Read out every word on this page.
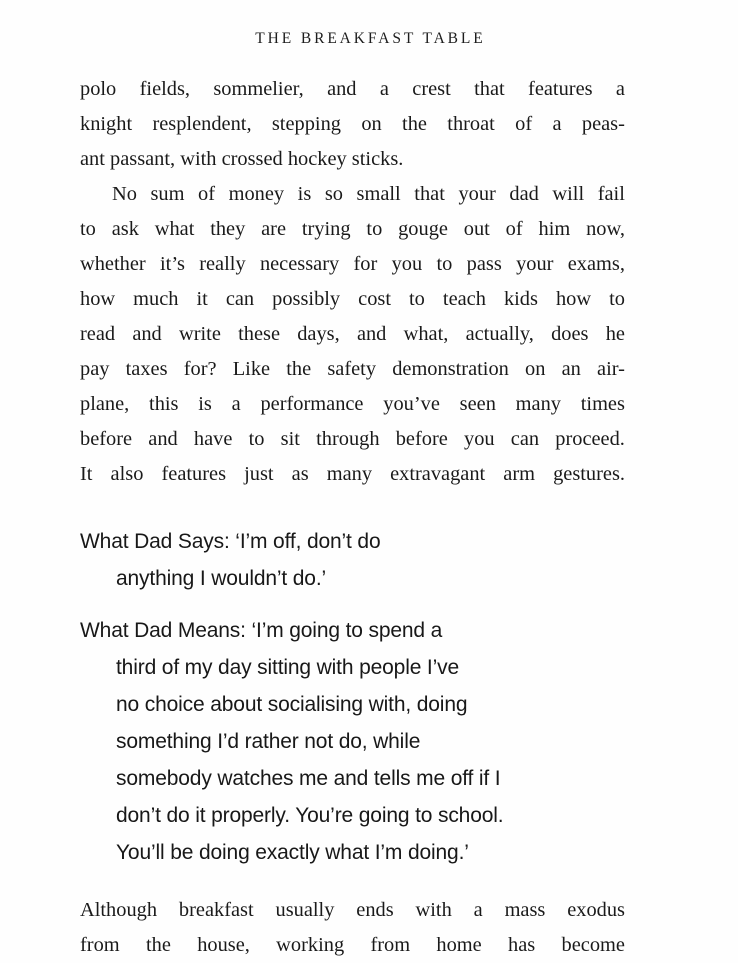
THE BREAKFAST TABLE
polo fields, sommelier, and a crest that features a
knight resplendent, stepping on the throat of a peas-
ant passant, with crossed hockey sticks.
No sum of money is so small that your dad will fail
to ask what they are trying to gouge out of him now,
whether it’s really necessary for you to pass your exams,
how much it can possibly cost to teach kids how to
read and write these days, and what, actually, does he
pay taxes for? Like the safety demonstration on an air-
plane, this is a performance you’ve seen many times
before and have to sit through before you can proceed.
It also features just as many extravagant arm gestures.
What Dad Says: ‘I’m off, don’t do
anything I wouldn’t do.’
What Dad Means: ‘I’m going to spend a
third of my day sitting with people I’ve
no choice about socialising with, doing
something I’d rather not do, while
somebody watches me and tells me off if I
don’t do it properly. You’re going to school.
You’ll be doing exactly what I’m doing.’
Although breakfast usually ends with a mass exodus
from the house, working from home has become
